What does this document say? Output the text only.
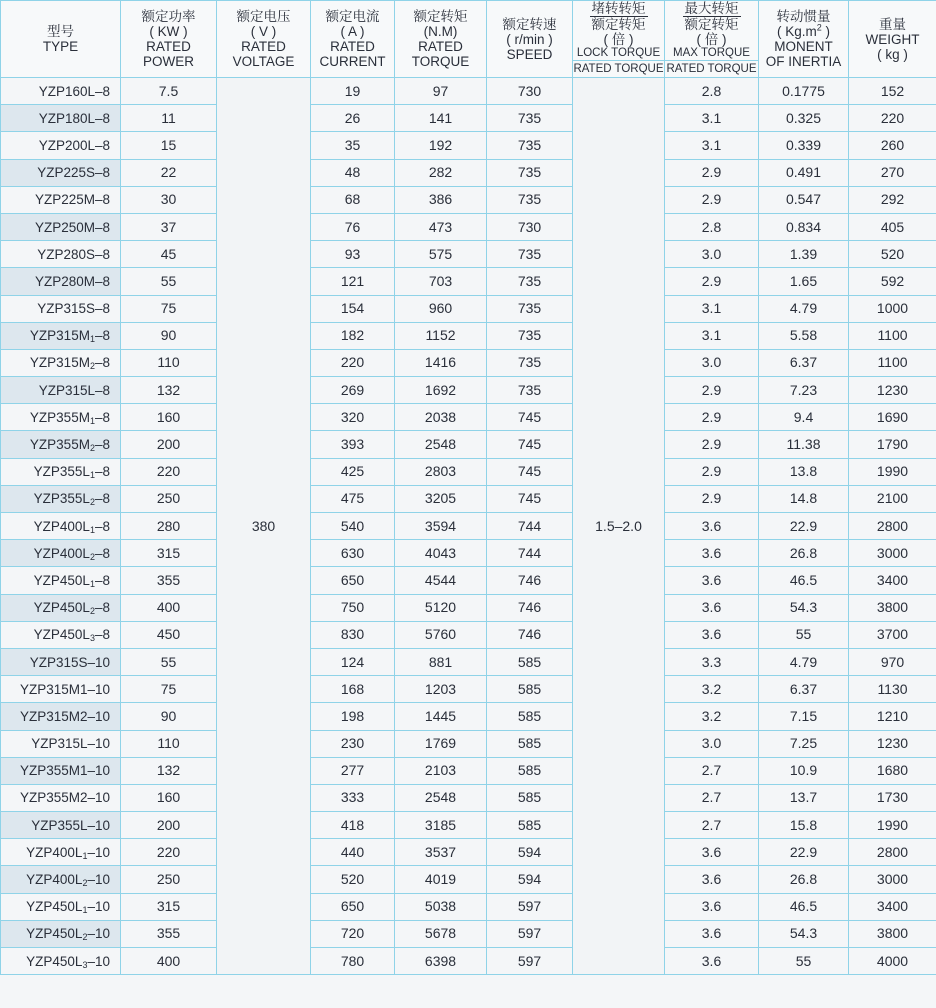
型号
TYPE	额定功率
( KW )
RATED
POWER	额定电压
( V )
RATED
VOLTAGE	额定电流
( A )
RATED
CURRENT	额定转矩
(N.M)
RATED
TORQUE	额定转速
( r/min )
SPEED	堵转转矩
额定转矩
( 倍 )
LOCK TORQUE	最大转矩
额定转矩
( 倍 )
MAX TORQUE	转动惯量
( $Kg.m^2$ )
MONENT
OF INERTIA	重量
WEIGHT
( kg )

						RATED TORQUE	RATED TORQUE		
YZP160L–8	7.5	380	19	97	730	1.5–2.0	2.8	0.1775	152
YZP180L–8	11		26	141	735		3.1	0.325	220
YZP200L–8	15		35	192	735		3.1	0.339	260
YZP225S–8	22		48	282	735		2.9	0.491	270
YZP225M–8	30		68	386	735		2.9	0.547	292
YZP250M–8	37		76	473	730		2.8	0.834	405
YZP280S–8	45		93	575	735		3.0	1.39	520
YZP280M–8	55		121	703	735		2.9	1.65	592
YZP315S–8	75		154	960	735		3.1	4.79	1000
$YZP315M_1-8$	90		182	1152	735		3.1	5.58	1100
$YZP315M_2-8$	110		220	1416	735		3.0	6.37	1100
YZP315L–8	132		269	1692	735		2.9	7.23	1230
$YZP355M_1-8$	160		320	2038	745		2.9	9.4	1690
$YZP355M_2-8$	200		393	2548	745		2.9	11.38	1790
$YZP355L_1-8$	220		425	2803	745		2.9	13.8	1990
$YZP355L_2-8$	250		475	3205	745		2.9	14.8	2100
$YZP400L_1-8$	280		540	3594	744		3.6	22.9	2800
$YZP400L_2-8$	315		630	4043	744		3.6	26.8	3000
$YZP450L_1-8$	355		650	4544	746		3.6	46.5	3400
$YZP450L_2-8$	400		750	5120	746		3.6	54.3	3800
$YZP450L_3-8$	450		830	5760	746		3.6	55	3700
YZP315S–10	55		124	881	585		3.3	4.79	970
YZP315M1–10	75		168	1203	585		3.2	6.37	1130
YZP315M2–10	90		198	1445	585		3.2	7.15	1210
YZP315L–10	110		230	1769	585		3.0	7.25	1230
YZP355M1–10	132		277	2103	585		2.7	10.9	1680
YZP355M2–10	160		333	2548	585		2.7	13.7	1730
YZP355L–10	200		418	3185	585		2.7	15.8	1990
$YZP400L_1-10$	220		440	3537	594		3.6	22.9	2800
$YZP400L_2-10$	250		520	4019	594		3.6	26.8	3000
$YZP450L_1-10$	315		650	5038	597		3.6	46.5	3400
$YZP450L_2-10$	355		720	5678	597		3.6	54.3	3800
$YZP450L_3-10$	400		780	6398	597		3.6	55	4000
